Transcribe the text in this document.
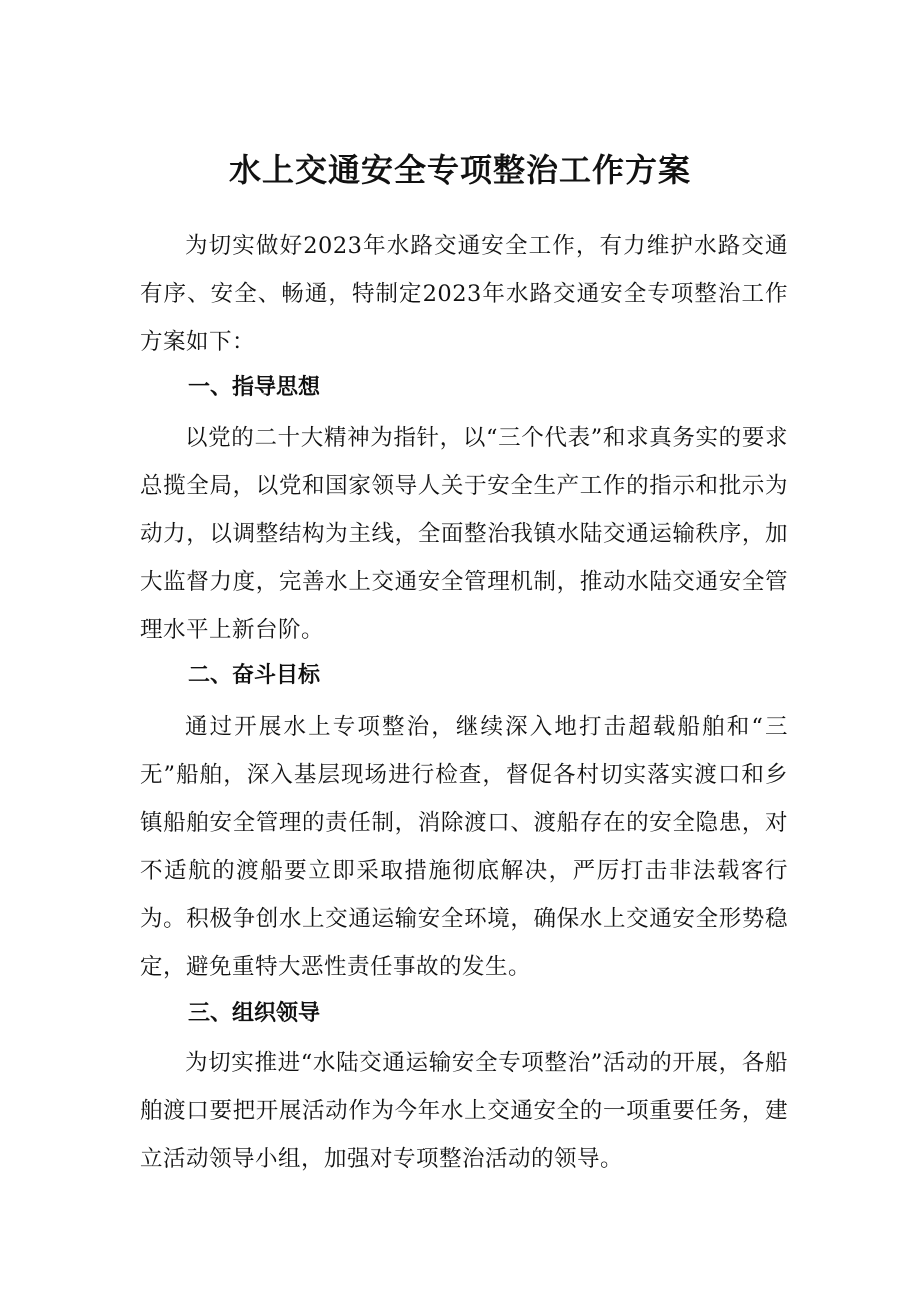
水上交通安全专项整治工作方案
为切实做好2023年水路交通安全工作，有力维护水路交通有序、安全、畅通，特制定2023年水路交通安全专项整治工作方案如下：
一、指导思想
以党的二十大精神为指针，以“三个代表”和求真务实的要求总揽全局，以党和国家领导人关于安全生产工作的指示和批示为动力，以调整结构为主线，全面整治我镇水陆交通运输秩序，加大监督力度，完善水上交通安全管理机制，推动水陆交通安全管理水平上新台阶。
二、奋斗目标
通过开展水上专项整治，继续深入地打击超载船舶和“三无”船舶，深入基层现场进行检查，督促各村切实落实渡口和乡镇船舶安全管理的责任制，消除渡口、渡船存在的安全隐患，对不适航的渡船要立即采取措施彻底解决，严厉打击非法载客行为。积极争创水上交通运输安全环境，确保水上交通安全形势稳定，避免重特大恶性责任事故的发生。
三、组织领导
为切实推进“水陆交通运输安全专项整治”活动的开展，各船舶渡口要把开展活动作为今年水上交通安全的一项重要任务，建立活动领导小组，加强对专项整治活动的领导。
